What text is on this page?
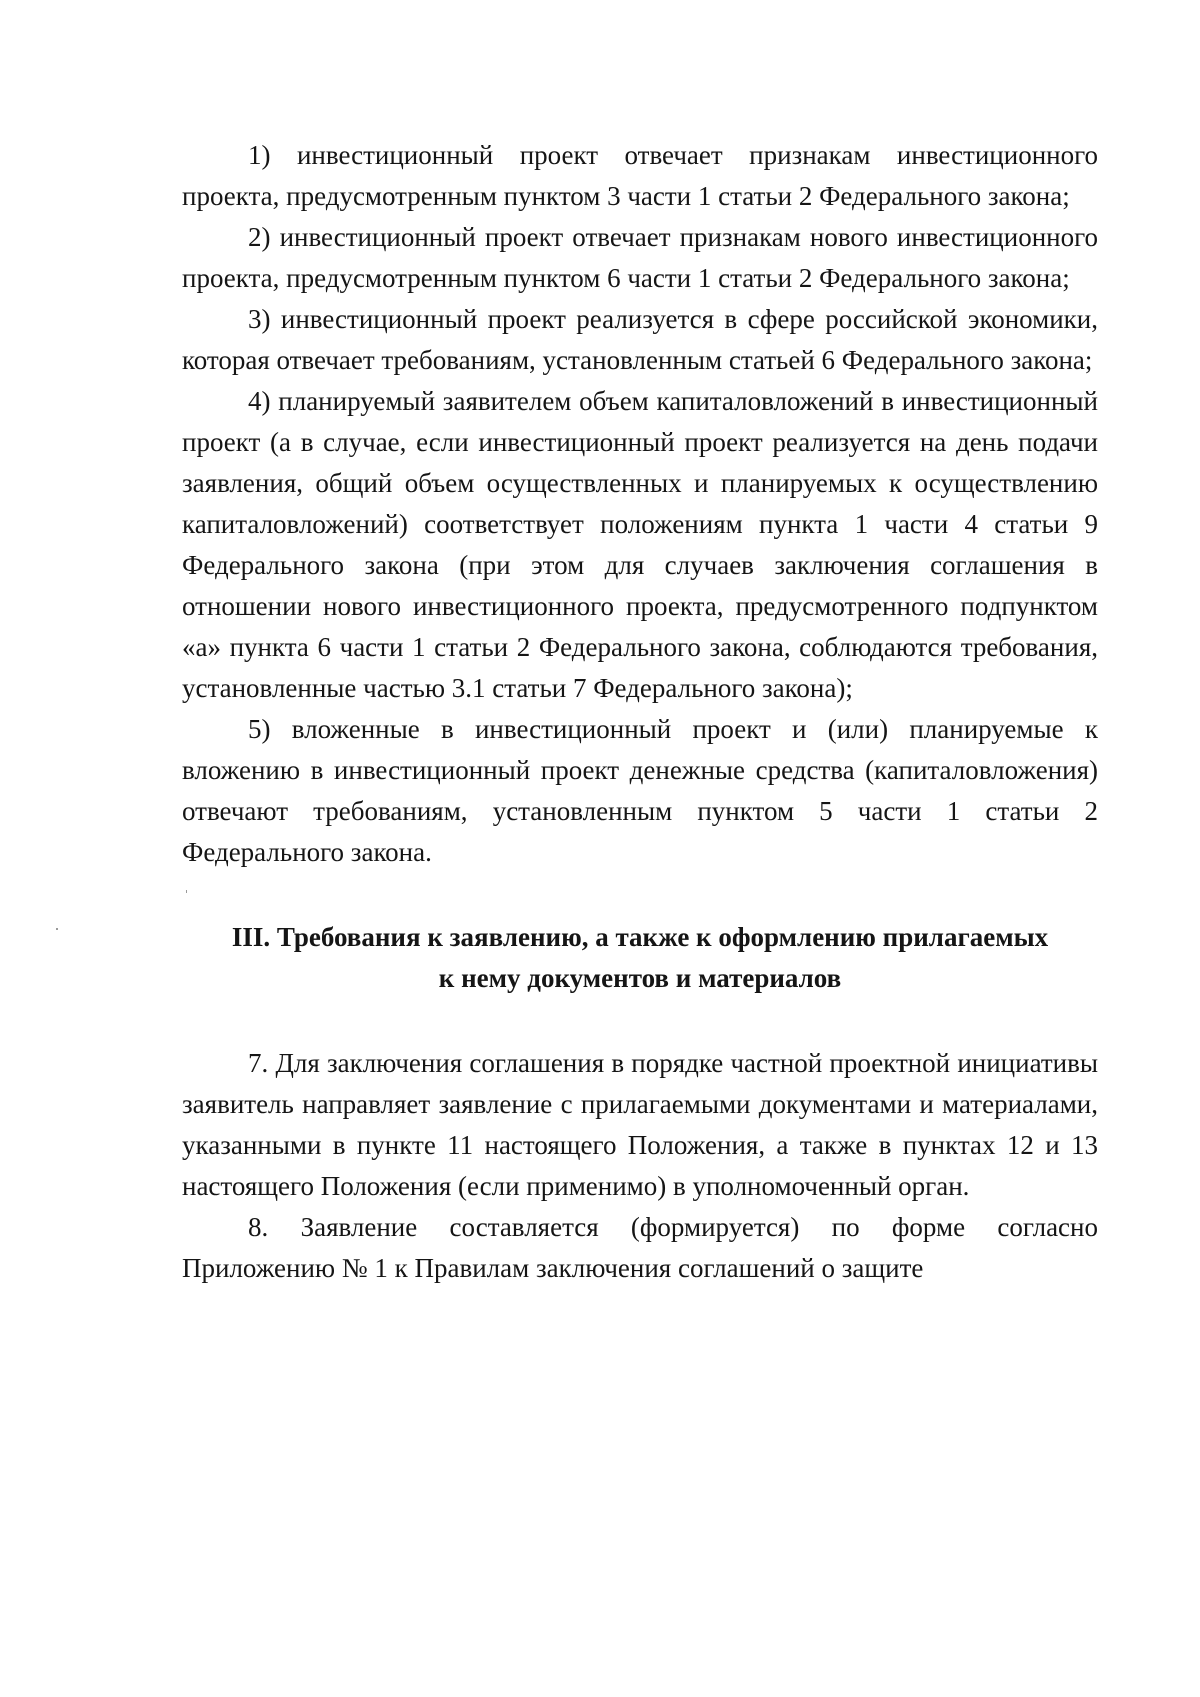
1) инвестиционный проект отвечает признакам инвестиционного проекта, предусмотренным пунктом 3 части 1 статьи 2 Федерального закона;

2) инвестиционный проект отвечает признакам нового инвестиционного проекта, предусмотренным пунктом 6 части 1 статьи 2 Федерального закона;

3) инвестиционный проект реализуется в сфере российской экономики, которая отвечает требованиям, установленным статьей 6 Федерального закона;

4) планируемый заявителем объем капиталовложений в инвестиционный проект (а в случае, если инвестиционный проект реализуется на день подачи заявления, общий объем осуществленных и планируемых к осуществлению капиталовложений) соответствует положениям пункта 1 части 4 статьи 9 Федерального закона (при этом для случаев заключения соглашения в отношении нового инвестиционного проекта, предусмотренного подпунктом «а» пункта 6 части 1 статьи 2 Федерального закона, соблюдаются требования, установленные частью 3.1 статьи 7 Федерального закона);

5) вложенные в инвестиционный проект и (или) планируемые к вложению в инвестиционный проект денежные средства (капиталовложения) отвечают требованиям, установленным пунктом 5 части 1 статьи 2 Федерального закона.

III. Требования к заявлению, а также к оформлению прилагаемых
к нему документов и материалов

7. Для заключения соглашения в порядке частной проектной инициативы заявитель направляет заявление с прилагаемыми документами и материалами, указанными в пункте 11 настоящего Положения, а также в пунктах 12 и 13 настоящего Положения (если применимо) в уполномоченный орган.

8. Заявление составляется (формируется) по форме согласно Приложению № 1 к Правилам заключения соглашений о защите
